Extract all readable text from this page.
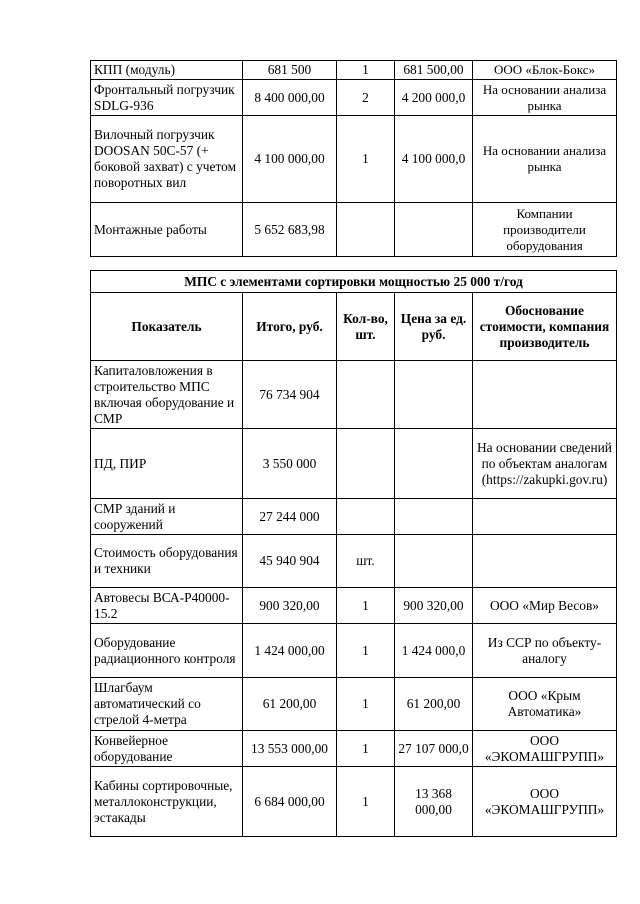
КПП (модуль)	681 500	1	681 500,00	ООО «Блок-Бокс»
Фронтальный погрузчик SDLG-936	8 400 000,00	2	4 200 000,0	На основании анализа рынка
Вилочный погрузчик DOOSAN 50С-57 (+ боковой захват) с учетом поворотных вил	4 100 000,00	1	4 100 000,0	На основании анализа рынка
Монтажные работы	5 652 683,98			Компании производители оборудования
МПС с элементами сортировки мощностью 25 000 т/год				
Показатель	Итого, руб.	Кол-во, шт.	Цена за ед. руб.	Обоснование стоимости, компания производитель
Капиталовложения в строительство МПС включая оборудование и СМР	76 734 904			
ПД, ПИР	3 550 000			На основании сведений по объектам аналогам (https://zakupki.gov.ru)
СМР зданий и сооружений	27 244 000			
Стоимость оборудования и техники	45 940 904	шт.		
Автовесы ВСА-Р40000-15.2	900 320,00	1	900 320,00	ООО «Мир Весов»
Оборудование радиационного контроля	1 424 000,00	1	1 424 000,0	Из ССР по объекту-аналогу
Шлагбаум автоматический со стрелой 4-метра	61 200,00	1	61 200,00	ООО «Крым Автоматика»
Конвейерное оборудование	13 553 000,00	1	27 107 000,0	ООО «ЭКОМАШГРУПП»
Кабины сортировочные, металлоконструкции, эстакады	6 684 000,00	1	13 368 000,00	ООО «ЭКОМАШГРУПП»
